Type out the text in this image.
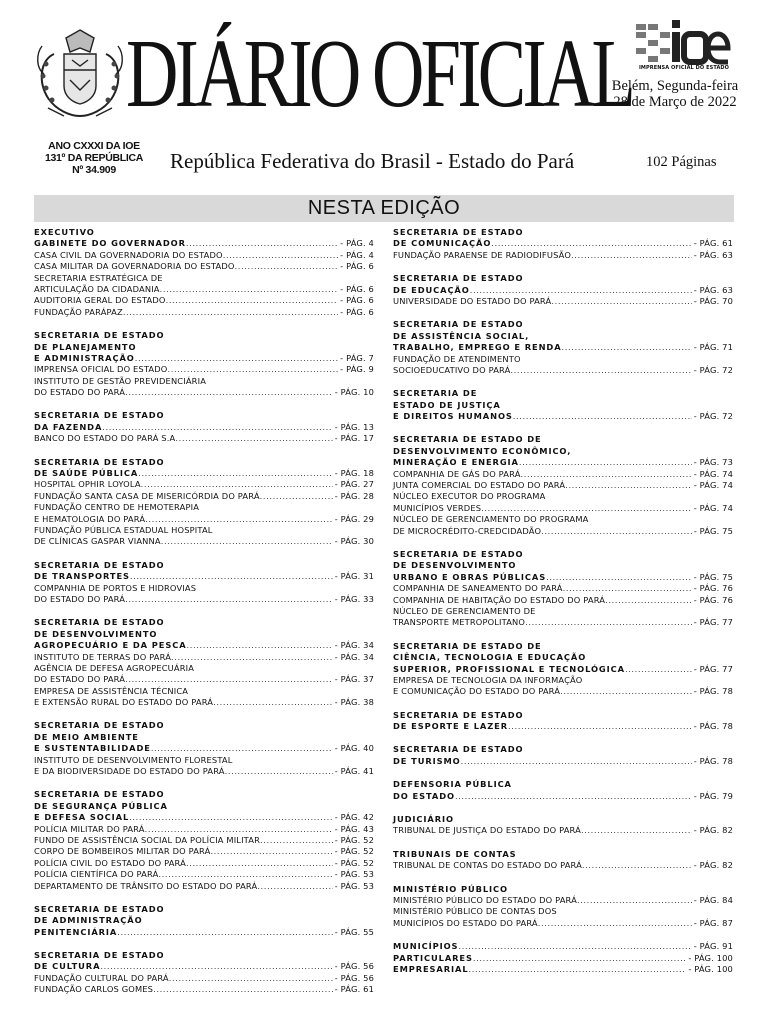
DIÁRIO OFICIAL
ANO CXXXI DA IOE
131º DA REPÚBLICA
Nº 34.909	República Federativa do Brasil - Estado do Pará	102 Páginas
IMPRENSA OFICIAL DO ESTADO
Belém, Segunda-feira
28 de Março de 2022
NESTA EDIÇÃO
EXECUTIVO
GABINETE DO GOVERNADOR .....	- PÁG. 4
CASA CIVIL DA GOVERNADORIA DO ESTADO .....	- PÁG. 4
CASA MILITAR DA GOVERNADORIA DO ESTADO .....	- PÁG. 6
SECRETARIA ESTRATÉGICA DE
ARTICULAÇÃO DA CIDADANIA .....	- PÁG. 6
AUDITORIA GERAL DO ESTADO .....	- PÁG. 6
FUNDAÇÃO PARÁPAZ .....	- PÁG. 6
SECRETARIA DE ESTADO
DE PLANEJAMENTO
E ADMINISTRAÇÃO .....	- PÁG. 7
IMPRENSA OFICIAL DO ESTADO .....	- PÁG. 9
INSTITUTO DE GESTÃO PREVIDENCIÁRIA
DO ESTADO DO PARÁ .....	- PÁG. 10
SECRETARIA DE ESTADO
DA FAZENDA .....	- PÁG. 13
BANCO DO ESTADO DO PARÁ S.A .....	- PÁG. 17
SECRETARIA DE ESTADO
DE SAÚDE PÚBLICA .....	- PÁG. 18
HOSPITAL OPHIR LOYOLA .....	- PÁG. 27
FUNDAÇÃO SANTA CASA DE MISERICÓRDIA DO PARÁ .....	- PÁG. 28
FUNDAÇÃO CENTRO DE HEMOTERAPIA
E HEMATOLOGIA DO PARÁ .....	- PÁG. 29
FUNDAÇÃO PÚBLICA ESTADUAL HOSPITAL
DE CLÍNICAS GASPAR VIANNA .....	- PÁG. 30
SECRETARIA DE ESTADO
DE TRANSPORTES .....	- PÁG. 31
COMPANHIA DE PORTOS E HIDROVIAS
DO ESTADO DO PARÁ .....	- PÁG. 33
SECRETARIA DE ESTADO
DE DESENVOLVIMENTO
AGROPECUÁRIO E DA PESCA .....	- PÁG. 34
INSTITUTO DE TERRAS DO PARÁ .....	- PÁG. 34
AGÊNCIA DE DEFESA AGROPECUÁRIA
DO ESTADO DO PARÁ .....	- PÁG. 37
EMPRESA DE ASSISTÊNCIA TÉCNICA
E EXTENSÃO RURAL DO ESTADO DO PARÁ .....	- PÁG. 38
SECRETARIA DE ESTADO
DE MEIO AMBIENTE
E SUSTENTABILIDADE .....	- PÁG. 40
INSTITUTO DE DESENVOLVIMENTO FLORESTAL
E DA BIODIVERSIDADE DO ESTADO DO PARÁ .....	- PÁG. 41
SECRETARIA DE ESTADO
DE SEGURANÇA PÚBLICA
E DEFESA SOCIAL .....	- PÁG. 42
POLÍCIA MILITAR DO PARÁ .....	- PÁG. 43
FUNDO DE ASSISTÊNCIA SOCIAL DA POLÍCIA MILITAR .....	- PÁG. 52
CORPO DE BOMBEIROS MILITAR DO PARÁ .....	- PÁG. 52
POLÍCIA CIVIL DO ESTADO DO PARÁ .....	- PÁG. 52
POLÍCIA CIENTÍFICA DO PARÁ .....	- PÁG. 53
DEPARTAMENTO DE TRÂNSITO DO ESTADO DO PARÁ .....	- PÁG. 53
SECRETARIA DE ESTADO
DE ADMINISTRAÇÃO
PENITENCIÁRIA .....	- PÁG. 55
SECRETARIA DE ESTADO
DE CULTURA .....	- PÁG. 56
FUNDAÇÃO CULTURAL DO PARÁ .....	- PÁG. 56
FUNDAÇÃO CARLOS GOMES .....	- PÁG. 61
SECRETARIA DE ESTADO
DE COMUNICAÇÃO .....	- PÁG. 61
FUNDAÇÃO PARAENSE DE RADIODIFUSÃO .....	- PÁG. 63
SECRETARIA DE ESTADO
DE EDUCAÇÃO .....	- PÁG. 63
UNIVERSIDADE DO ESTADO DO PARÁ .....	- PÁG. 70
SECRETARIA DE ESTADO
DE ASSISTÊNCIA SOCIAL,
TRABALHO, EMPREGO E RENDA .....	- PÁG. 71
FUNDAÇÃO DE ATENDIMENTO
SOCIOEDUCATIVO DO PARÁ .....	- PÁG. 72
SECRETARIA DE
ESTADO DE JUSTIÇA
E DIREITOS HUMANOS .....	- PÁG. 72
SECRETARIA DE ESTADO DE
DESENVOLVIMENTO ECONÔMICO,
MINERAÇÃO E ENERGIA .....	- PÁG. 73
COMPANHIA DE GÁS DO PARÁ .....	- PÁG. 74
JUNTA COMERCIAL DO ESTADO DO PARÁ .....	- PÁG. 74
NÚCLEO EXECUTOR DO PROGRAMA
MUNICÍPIOS VERDES .....	- PÁG. 74
NÚCLEO DE GERENCIAMENTO DO PROGRAMA
DE MICROCRÉDITO-CREDCIDADÃO .....	- PÁG. 75
SECRETARIA DE ESTADO
DE DESENVOLVIMENTO
URBANO E OBRAS PÚBLICAS .....	- PÁG. 75
COMPANHIA DE SANEAMENTO DO PARÁ .....	- PÁG. 76
COMPANHIA DE HABITAÇÃO DO ESTADO DO PARÁ .....	- PÁG. 76
NÚCLEO DE GERENCIAMENTO DE
TRANSPORTE METROPOLITANO .....	- PÁG. 77
SECRETARIA DE ESTADO DE
CIÊNCIA, TECNOLOGIA E EDUCAÇÃO
SUPERIOR, PROFISSIONAL E TECNOLÓGICA .....	- PÁG. 77
EMPRESA DE TECNOLOGIA DA INFORMAÇÃO
E COMUNICAÇÃO DO ESTADO DO PARÁ .....	- PÁG. 78
SECRETARIA DE ESTADO
DE ESPORTE E LAZER .....	- PÁG. 78
SECRETARIA DE ESTADO
DE TURISMO .....	- PÁG. 78
DEFENSORIA PÚBLICA
DO ESTADO .....	- PÁG. 79
JUDICIÁRIO
TRIBUNAL DE JUSTIÇA DO ESTADO DO PARÁ .....	- PÁG. 82
TRIBUNAIS DE CONTAS
TRIBUNAL DE CONTAS DO ESTADO DO PARÁ .....	- PÁG. 82
MINISTÉRIO PÚBLICO
MINISTÉRIO PÚBLICO DO ESTADO DO PARÁ .....	- PÁG. 84
MINISTÉRIO PÚBLICO DE CONTAS DOS
MUNICÍPIOS DO ESTADO DO PARÁ .....	- PÁG. 87
MUNICÍPIOS .....	- PÁG. 91
PARTICULARES .....	- PÁG. 100
EMPRESARIAL .....	- PÁG. 100
